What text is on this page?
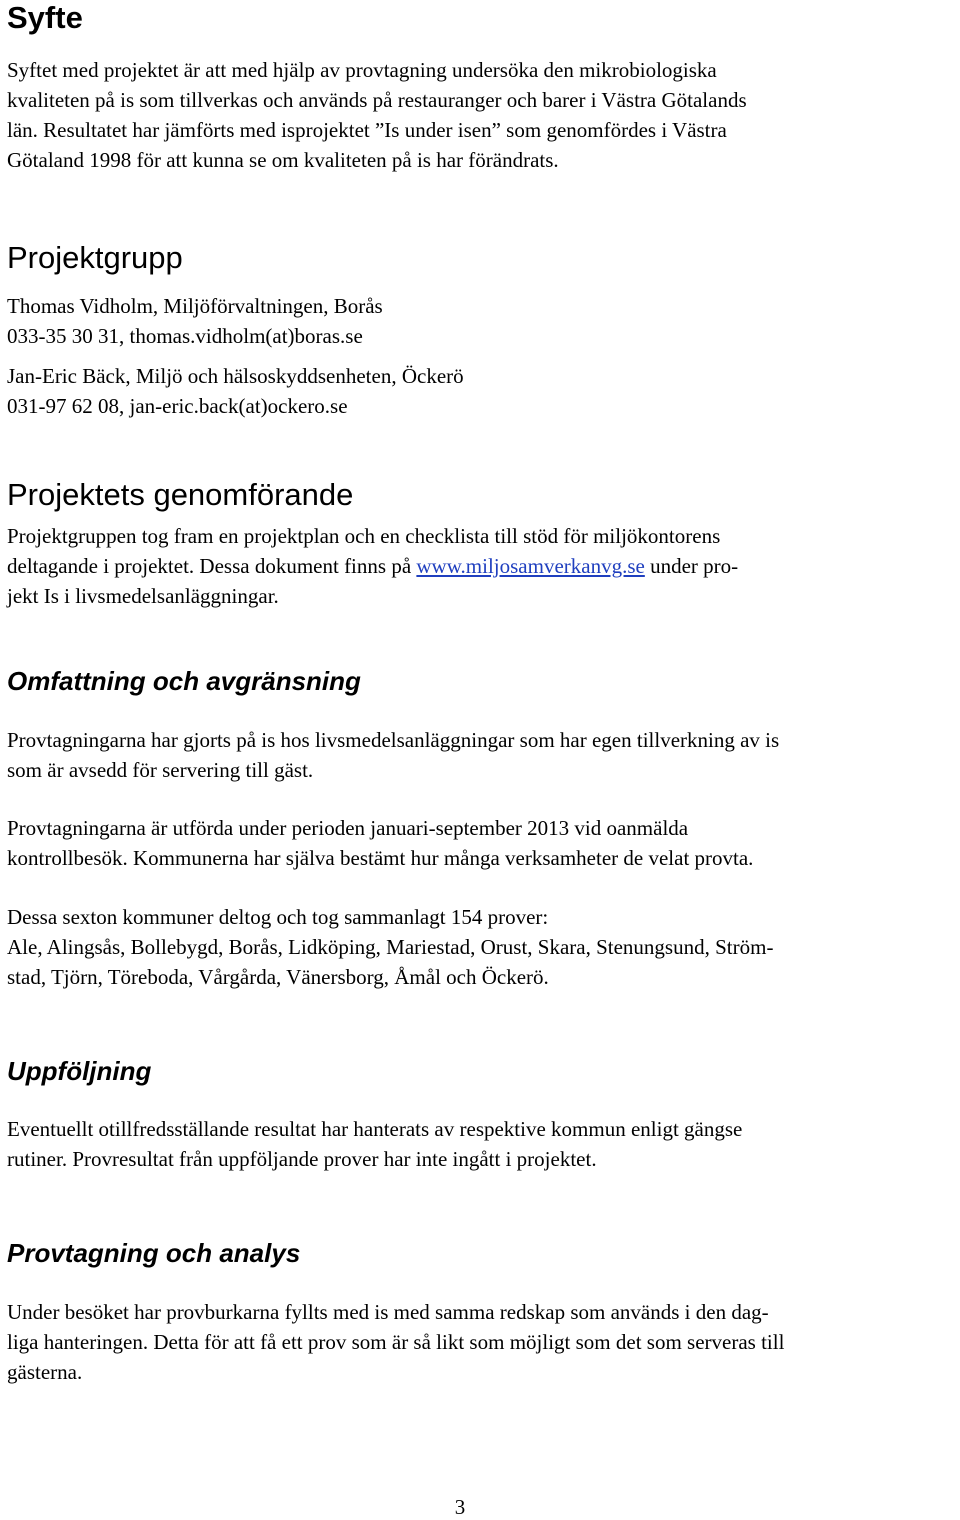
Syfte
Syftet med projektet är att med hjälp av provtagning undersöka den mikrobiologiska
kvaliteten på is som tillverkas och används på restauranger och barer i Västra Götalands
län. Resultatet har jämförts med isprojektet ”Is under isen” som genomfördes i Västra
Götaland 1998 för att kunna se om kvaliteten på is har förändrats.
Projektgrupp
Thomas Vidholm, Miljöförvaltningen, Borås
033-35 30 31, thomas.vidholm(at)boras.se
Jan-Eric Bäck, Miljö och hälsoskyddsenheten, Öckerö
031-97 62 08, jan-eric.back(at)ockero.se
Projektets genomförande
Projektgruppen tog fram en projektplan och en checklista till stöd för miljökontorens
deltagande i projektet. Dessa dokument finns på www.miljosamverkanvg.se under pro-
jekt Is i livsmedelsanläggningar.
Omfattning och avgränsning
Provtagningarna har gjorts på is hos livsmedelsanläggningar som har egen tillverkning av is
som är avsedd för servering till gäst.
Provtagningarna är utförda under perioden januari-september 2013 vid oanmälda
kontrollbesök. Kommunerna har själva bestämt hur många verksamheter de velat provta.
Dessa sexton kommuner deltog och tog sammanlagt 154 prover:
Ale, Alingsås, Bollebygd, Borås, Lidköping, Mariestad, Orust, Skara, Stenungsund, Ström-
stad, Tjörn, Töreboda, Vårgårda, Vänersborg, Åmål och Öckerö.
Uppföljning
Eventuellt otillfredsställande resultat har hanterats av respektive kommun enligt gängse
rutiner. Provresultat från uppföljande prover har inte ingått i projektet.
Provtagning och analys
Under besöket har provburkarna fyllts med is med samma redskap som används i den dag-
liga hanteringen. Detta för att få ett prov som är så likt som möjligt som det som serveras till
gästerna.
3
